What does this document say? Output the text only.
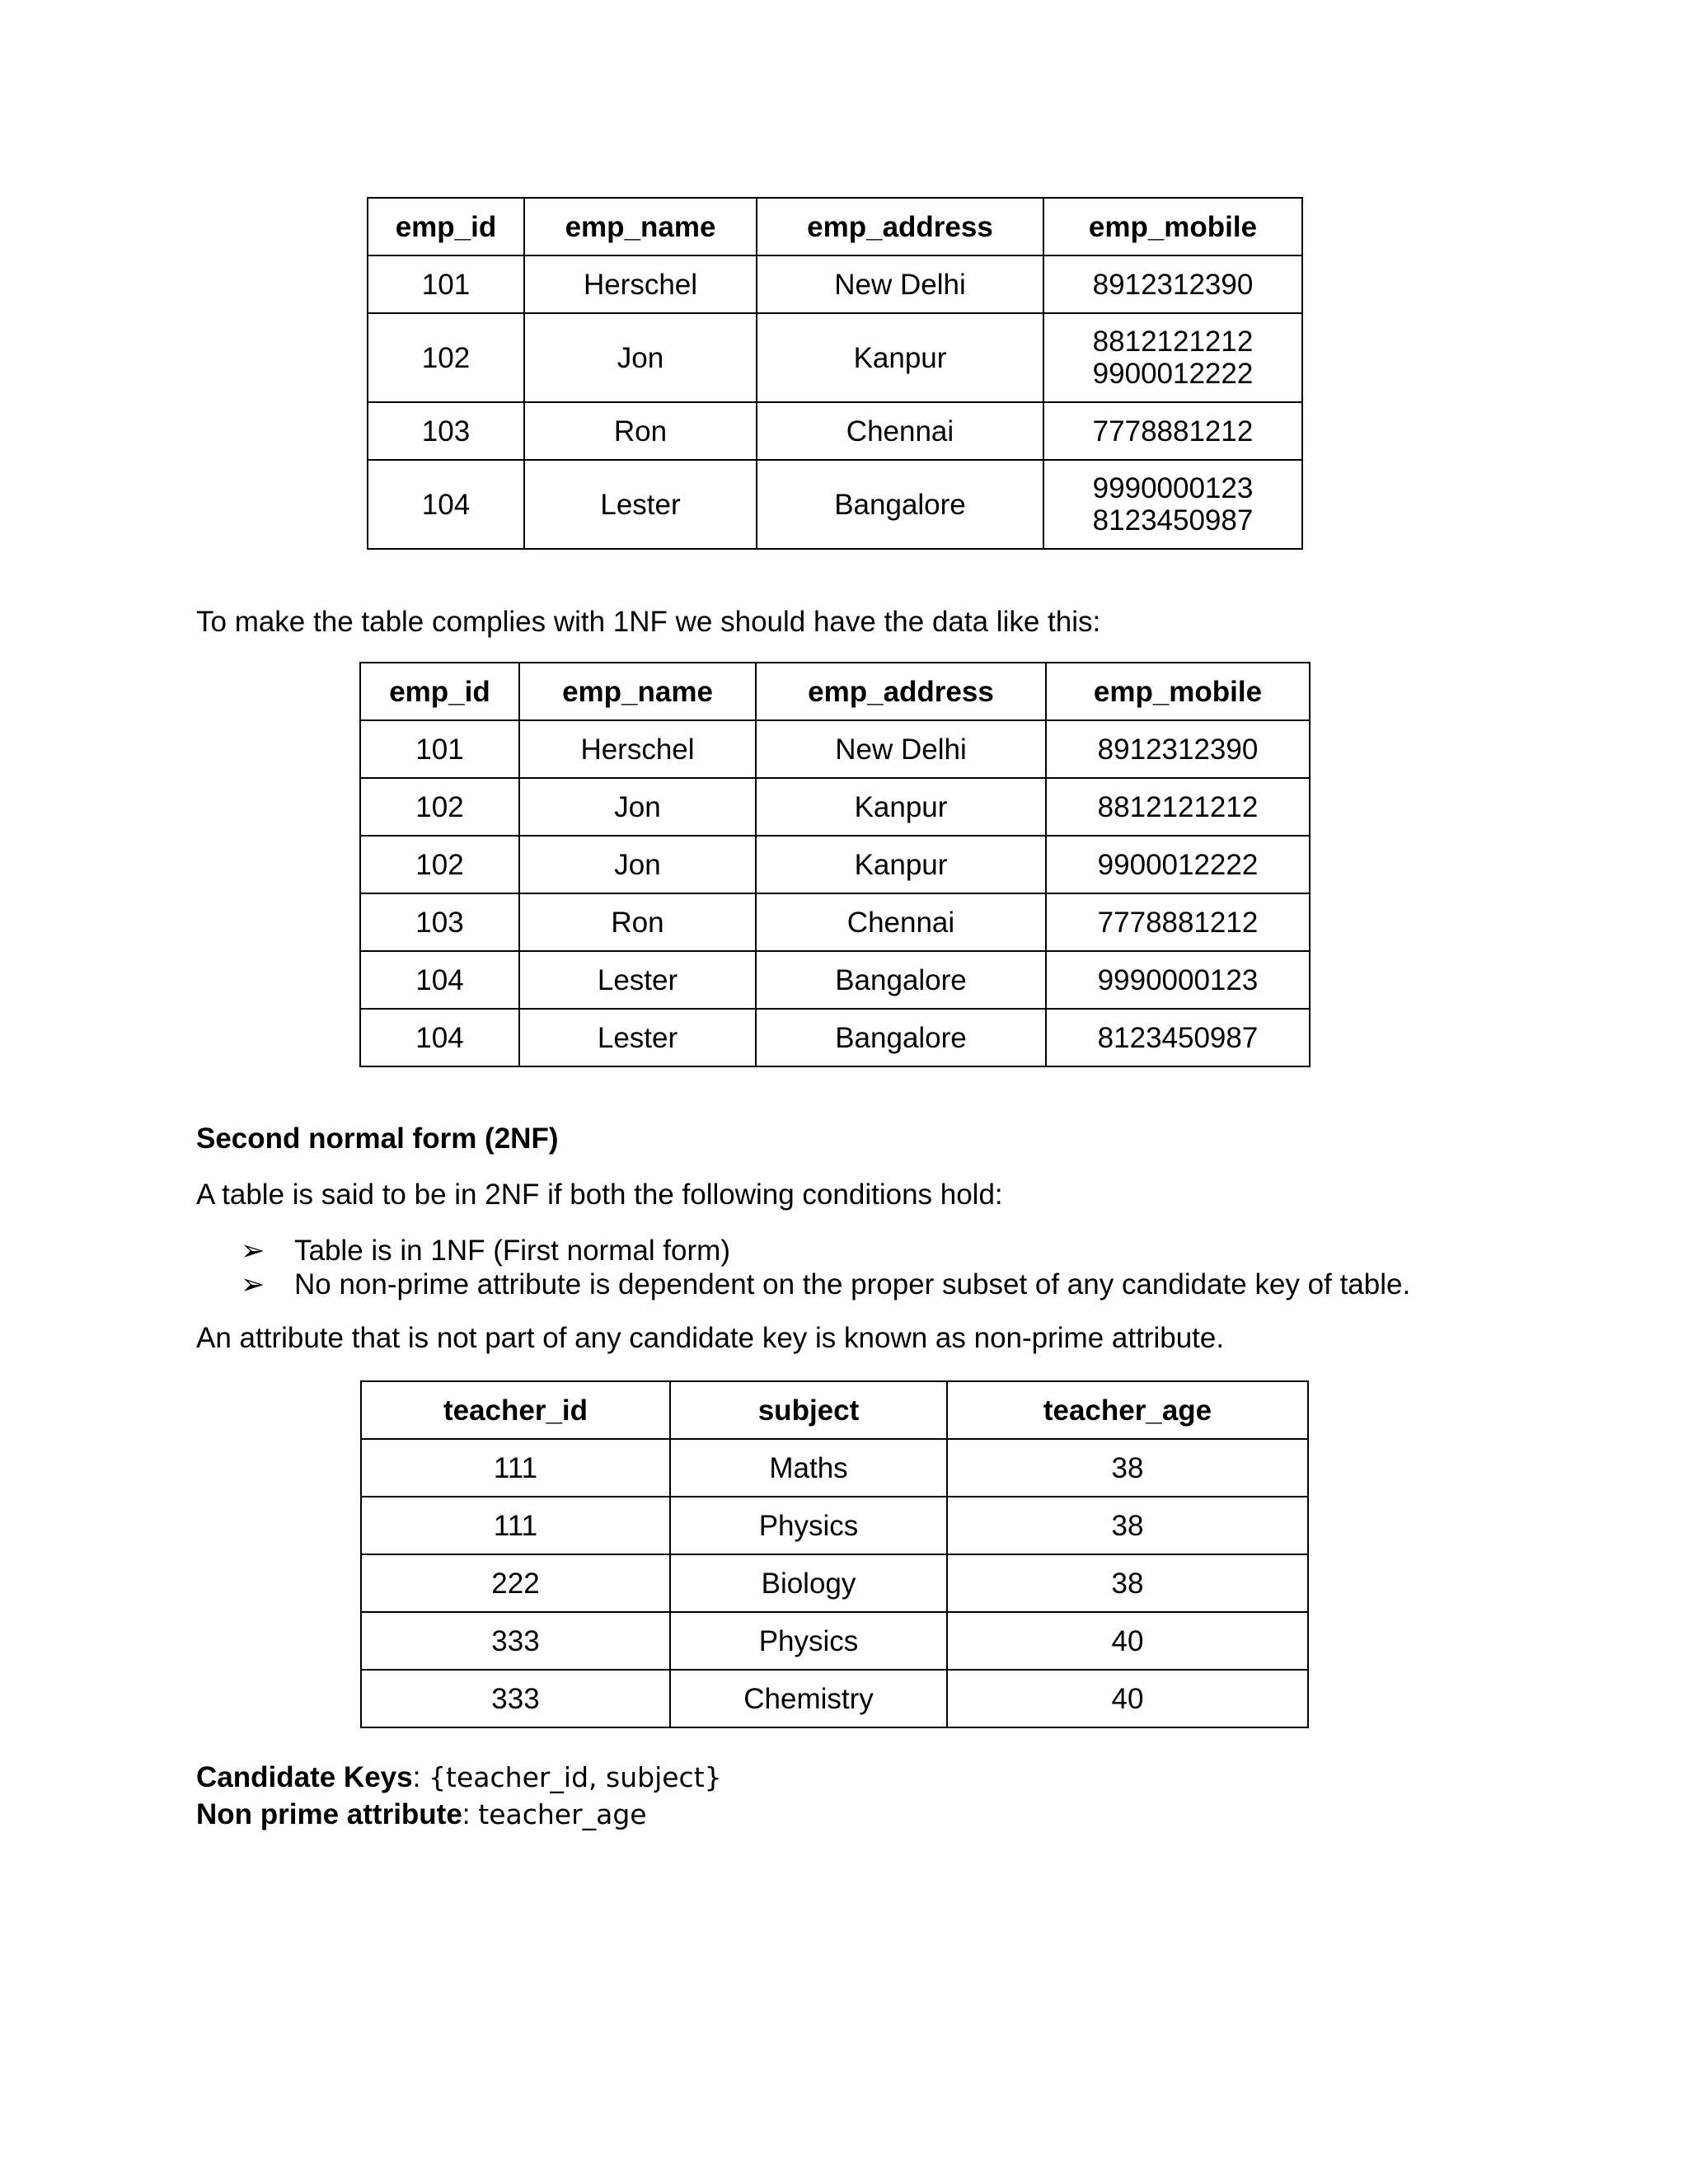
emp_id	emp_name	emp_address	emp_mobile
101	Herschel	New Delhi	8912312390

102	Jon	Kanpur	8812121212
9900012222

103	Ron	Chennai	7778881212

104	Lester	Bangalore	9990000123
8123450987
To make the table complies with 1NF we should have the data like this:
emp_id	emp_name	emp_address	emp_mobile
101	Herschel	New Delhi	8912312390
102	Jon	Kanpur	8812121212
102	Jon	Kanpur	9900012222
103	Ron	Chennai	7778881212
104	Lester	Bangalore	9990000123
104	Lester	Bangalore	8123450987
Second normal form (2NF)
A table is said to be in 2NF if both the following conditions hold:
➢ Table is in 1NF (First normal form)
➢ No non-prime attribute is dependent on the proper subset of any candidate key of table.
An attribute that is not part of any candidate key is known as non-prime attribute.
teacher_id	subject	teacher_age
111	Maths	38
111	Physics	38
222	Biology	38
333	Physics	40
333	Chemistry	40
Candidate Keys: {teacher_id, subject}
Non prime attribute: teacher_age
